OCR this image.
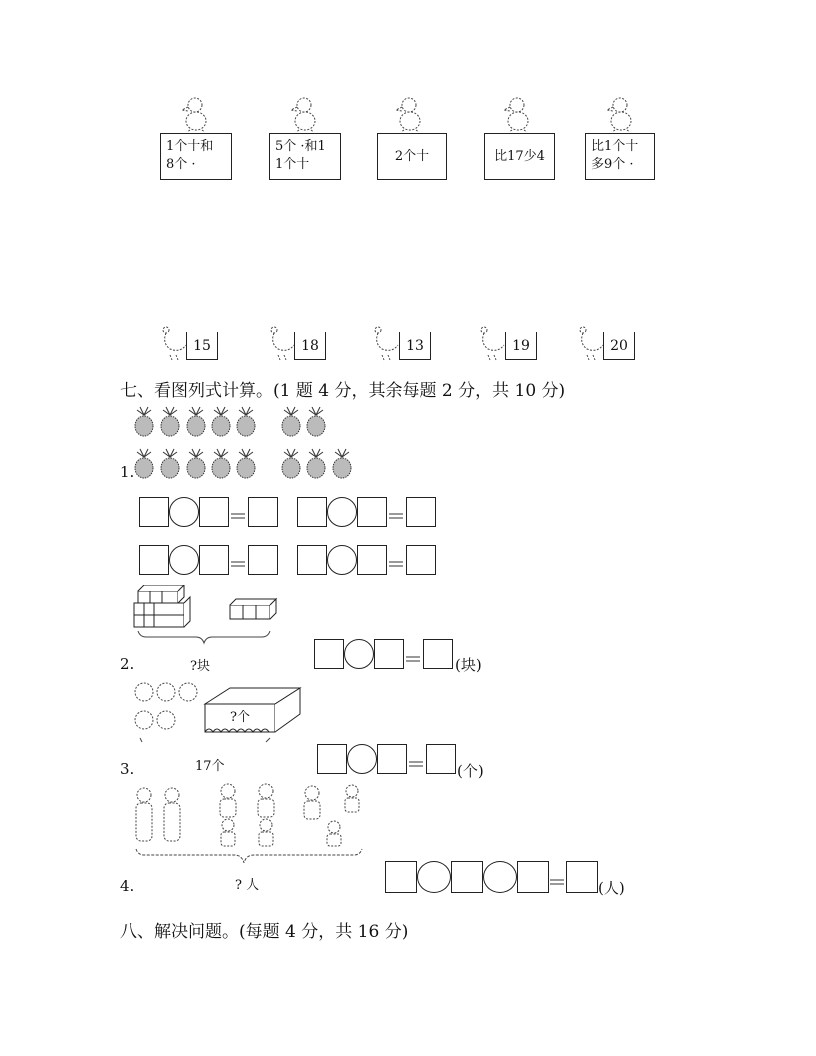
1个十和
8个 ·
5个 ·和1
1个十
2个十	比17少4
比1个十
多9个 ·
15	18	13	19	20
七、看图列式计算。(1 题 4 分，其余每题 2 分，共 10 分)
1.
2.	?块	(块)
?个
3.	17个	(个)
4.	? 人	(人)
八、解决问题。(每题 4 分，共 16 分)
